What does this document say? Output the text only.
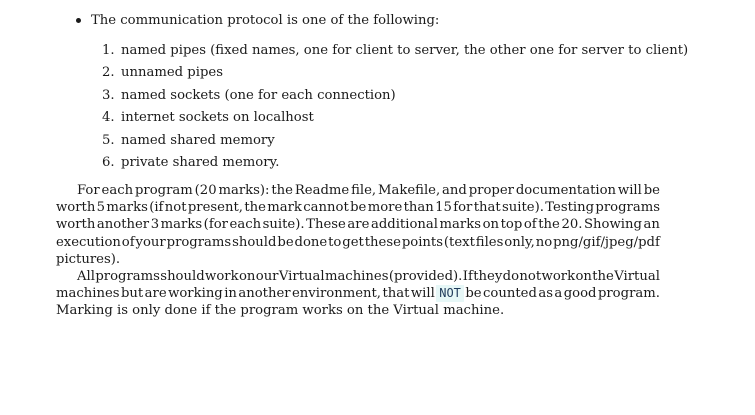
The communication protocol is one of the following:
1. named pipes (fixed names, one for client to server, the other one for server to client)
2. unnamed pipes
3. named sockets (one for each connection)
4. internet sockets on localhost
5. named shared memory
6. private shared memory.
For each program (20 marks): the Readme file, Makefile, and proper documentation will be
worth 5 marks (if not present, the mark cannot be more than 15 for that suite). Testing programs
worth another 3 marks (for each suite). These are additional marks on top of the 20. Showing an
execution of your programs should be done to get these points (text files only, no png/gif/jpeg/pdf
pictures).
All programs should work on our Virtual machines (provided). If they do not work on the Virtual
machines but are working in another environment, that will NOT be counted as a good program.
Marking is only done if the program works on the Virtual machine.
